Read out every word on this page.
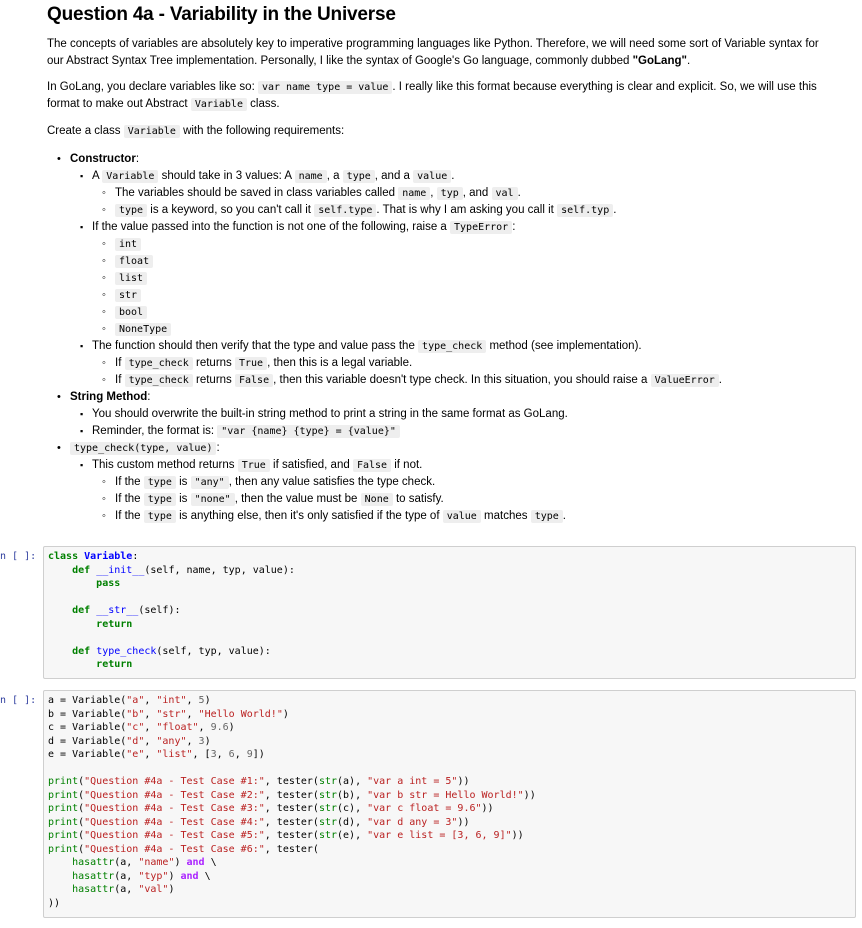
Question 4a - Variability in the Universe

The concepts of variables are absolutely key to imperative programming languages like Python. Therefore, we will need some sort of Variable syntax for our Abstract Syntax Tree implementation. Personally, I like the syntax of Google's Go language, commonly dubbed "GoLang".

In GoLang, you declare variables like so: var name type = value . I really like this format because everything is clear and explicit. So, we will use this format to make out Abstract Variable class.

Create a class Variable with the following requirements:

• Constructor:
▪ A Variable should take in 3 values: A name , a type , and a value .
◦ The variables should be saved in class variables called name , typ , and val .
◦ type is a keyword, so you can't call it self.type . That is why I am asking you call it self.typ .
▪ If the value passed into the function is not one of the following, raise a TypeError :
◦ int
◦ float
◦ list
◦ str
◦ bool
◦ NoneType
▪ The function should then verify that the type and value pass the type_check method (see implementation).
◦ If type_check returns True , then this is a legal variable.
◦ If type_check returns False , then this variable doesn't type check. In this situation, you should raise a ValueError .
• String Method:
▪ You should overwrite the built-in string method to print a string in the same format as GoLang.
▪ Reminder, the format is: "var {name} {type} = {value}"
• type_check(type, value) :
▪ This custom method returns True if satisfied, and False if not.
◦ If the type is "any" , then any value satisfies the type check.
◦ If the type is "none" , then the value must be None to satisfy.
◦ If the type is anything else, then it's only satisfied if the type of value matches type .
n [ ]:	class Variable:
def __init__(self, name, typ, value):
pass

def __str__(self):
return

def type_check(self, typ, value):
return
n [ ]:	a = Variable("a", "int", 5)
b = Variable("b", "str", "Hello World!")
c = Variable("c", "float", 9.6)
d = Variable("d", "any", 3)
e = Variable("e", "list", [3, 6, 9])

print("Question #4a - Test Case #1:", tester(str(a), "var a int = 5"))
print("Question #4a - Test Case #2:", tester(str(b), "var b str = Hello World!"))
print("Question #4a - Test Case #3:", tester(str(c), "var c float = 9.6"))
print("Question #4a - Test Case #4:", tester(str(d), "var d any = 3"))
print("Question #4a - Test Case #5:", tester(str(e), "var e list = [3, 6, 9]"))
print("Question #4a - Test Case #6:", tester(
hasattr(a, "name") and \
hasattr(a, "typ") and \
hasattr(a, "val")
))
